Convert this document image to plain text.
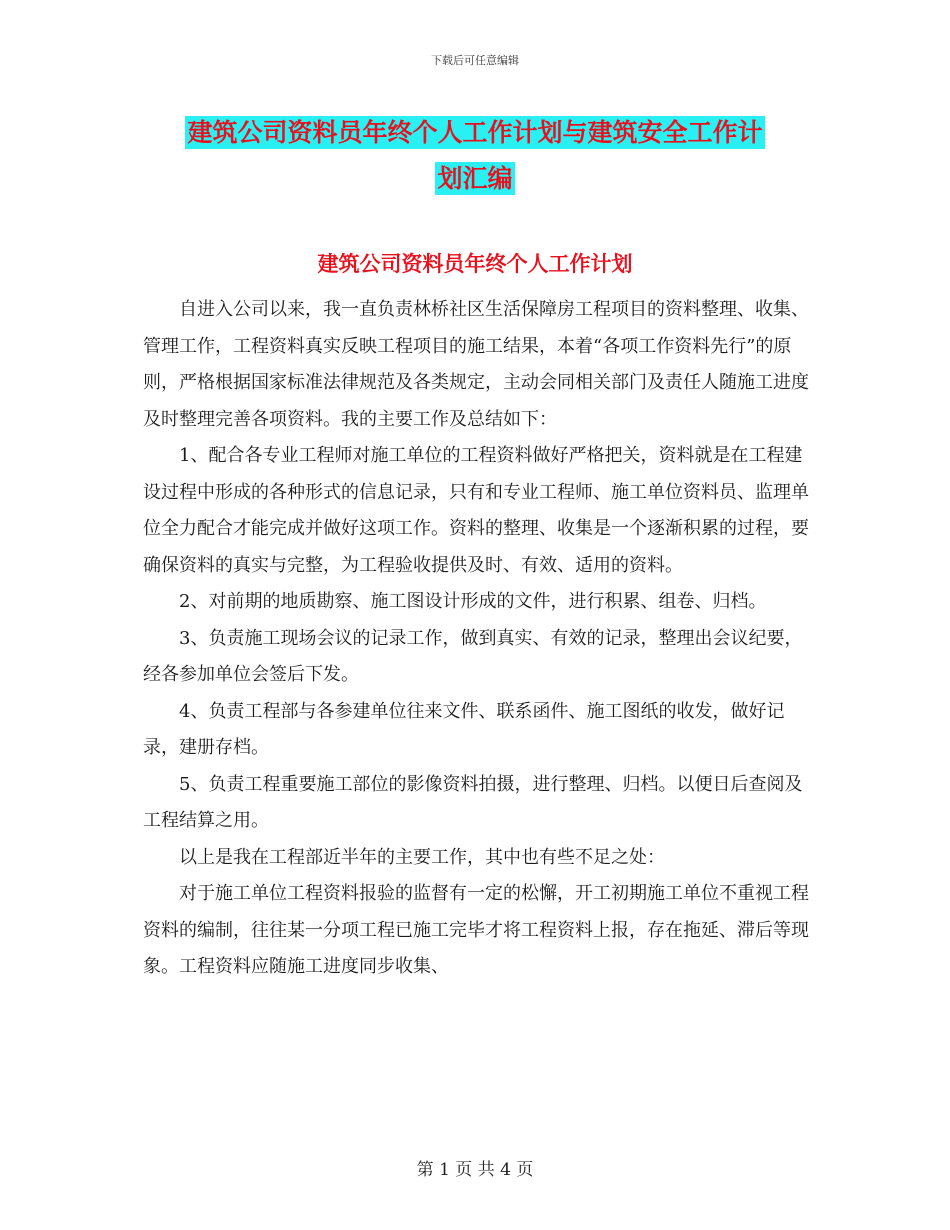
下载后可任意编辑
建筑公司资料员年终个人工作计划与建筑安全工作计
划汇编
建筑公司资料员年终个人工作计划

自进入公司以来，我一直负责林桥社区生活保障房工程项目的资料整理、收集、管理工作，工程资料真实反映工程项目的施工结果，本着“各项工作资料先行”的原则，严格根据国家标准法律规范及各类规定，主动会同相关部门及责任人随施工进度及时整理完善各项资料。我的主要工作及总结如下：

1、配合各专业工程师对施工单位的工程资料做好严格把关，资料就是在工程建设过程中形成的各种形式的信息记录，只有和专业工程师、施工单位资料员、监理单位全力配合才能完成并做好这项工作。资料的整理、收集是一个逐渐积累的过程，要确保资料的真实与完整，为工程验收提供及时、有效、适用的资料。

2、对前期的地质勘察、施工图设计形成的文件，进行积累、组卷、归档。

3、负责施工现场会议的记录工作，做到真实、有效的记录，整理出会议纪要，经各参加单位会签后下发。

4、负责工程部与各参建单位往来文件、联系函件、施工图纸的收发，做好记录，建册存档。

5、负责工程重要施工部位的影像资料拍摄，进行整理、归档。以便日后查阅及工程结算之用。

以上是我在工程部近半年的主要工作，其中也有些不足之处：

对于施工单位工程资料报验的监督有一定的松懈，开工初期施工单位不重视工程资料的编制，往往某一分项工程已施工完毕才将工程资料上报，存在拖延、滞后等现象。工程资料应随施工进度同步收集、

第 1 页 共 4 页
